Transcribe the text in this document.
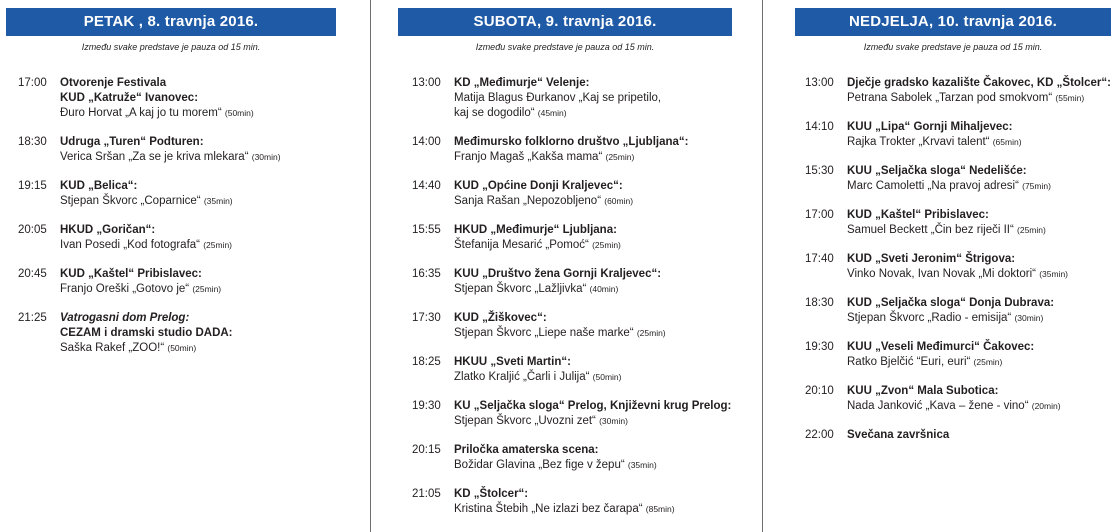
PETAK , 8. travnja 2016.
Između svake predstave je pauza od 15 min.
17:00	Otvorenje Festivala
KUD „Katruže“ Ivanovec:
Đuro Horvat „A kaj jo tu morem“ (50min)
18:30	Udruga „Turen“ Podturen:
Verica Sršan „Za se je kriva mlekara“ (30min)
19:15	KUD „Belica“:
Stjepan Škvorc „Coparnice“ (35min)
20:05	HKUD „Goričan“:
Ivan Posedi „Kod fotografa“ (25min)
20:45	KUD „Kaštel“ Pribislavec:
Franjo Oreški „Gotovo je“ (25min)
21:25	Vatrogasni dom Prelog:
CEZAM i dramski studio DADA:
Saška Rakef „ZOO!“ (50min)
SUBOTA, 9. travnja 2016.
Između svake predstave je pauza od 15 min.
13:00	KD „Međimurje“ Velenje:
Matija Blagus Đurkanov „Kaj se pripetilo,
kaj se dogodilo“ (45min)
14:00	Međimursko folklorno društvo „Ljubljana“:
Franjo Magaš „Kakša mama“ (25min)
14:40	KUD „Općine Donji Kraljevec“:
Sanja Rašan „Nepozobljeno“ (60min)
15:55	HKUD „Međimurje“ Ljubljana:
Štefanija Mesarić „Pomoć“ (25min)
16:35	KUU „Društvo žena Gornji Kraljevec“:
Stjepan Škvorc „Lažljivka“ (40min)
17:30	KUD „Žiškovec“:
Stjepan Škvorc „Liepe naše marke“ (25min)
18:25	HKUU „Sveti Martin“:
Zlatko Kraljić „Čarli i Julija“ (50min)
19:30	KU „Seljačka sloga“ Prelog, Književni krug Prelog:
Stjepan Škvorc „Uvozni zet“ (30min)
20:15	Priločka amaterska scena:
Božidar Glavina „Bez fige v žepu“ (35min)
21:05	KD „Štolcer“:
Kristina Štebih „Ne izlazi bez čarapa“ (85min)
NEDJELJA, 10. travnja 2016.
Između svake predstave je pauza od 15 min.
13:00	Dječje gradsko kazalište Čakovec, KD „Štolcer“:
Petrana Sabolek „Tarzan pod smokvom“ (55min)
14:10	KUU „Lipa“ Gornji Mihaljevec:
Rajka Trokter „Krvavi talent“ (65min)
15:30	KUU „Seljačka sloga“ Nedelišće:
Marc Camoletti „Na pravoj adresi“ (75min)
17:00	KUD „Kaštel“ Pribislavec:
Samuel Beckett „Čin bez riječi II“ (25min)
17:40	KUD „Sveti Jeronim“ Štrigova:
Vinko Novak, Ivan Novak „Mi doktori“ (35min)
18:30	KUD „Seljačka sloga“ Donja Dubrava:
Stjepan Škvorc „Radio - emisija“ (30min)
19:30	KUU „Veseli Međimurci“ Čakovec:
Ratko Bjelčić “Euri, euri“ (25min)
20:10	KUU „Zvon“ Mala Subotica:
Nada Janković „Kava – žene - vino“ (20min)
22:00	Svečana završnica
